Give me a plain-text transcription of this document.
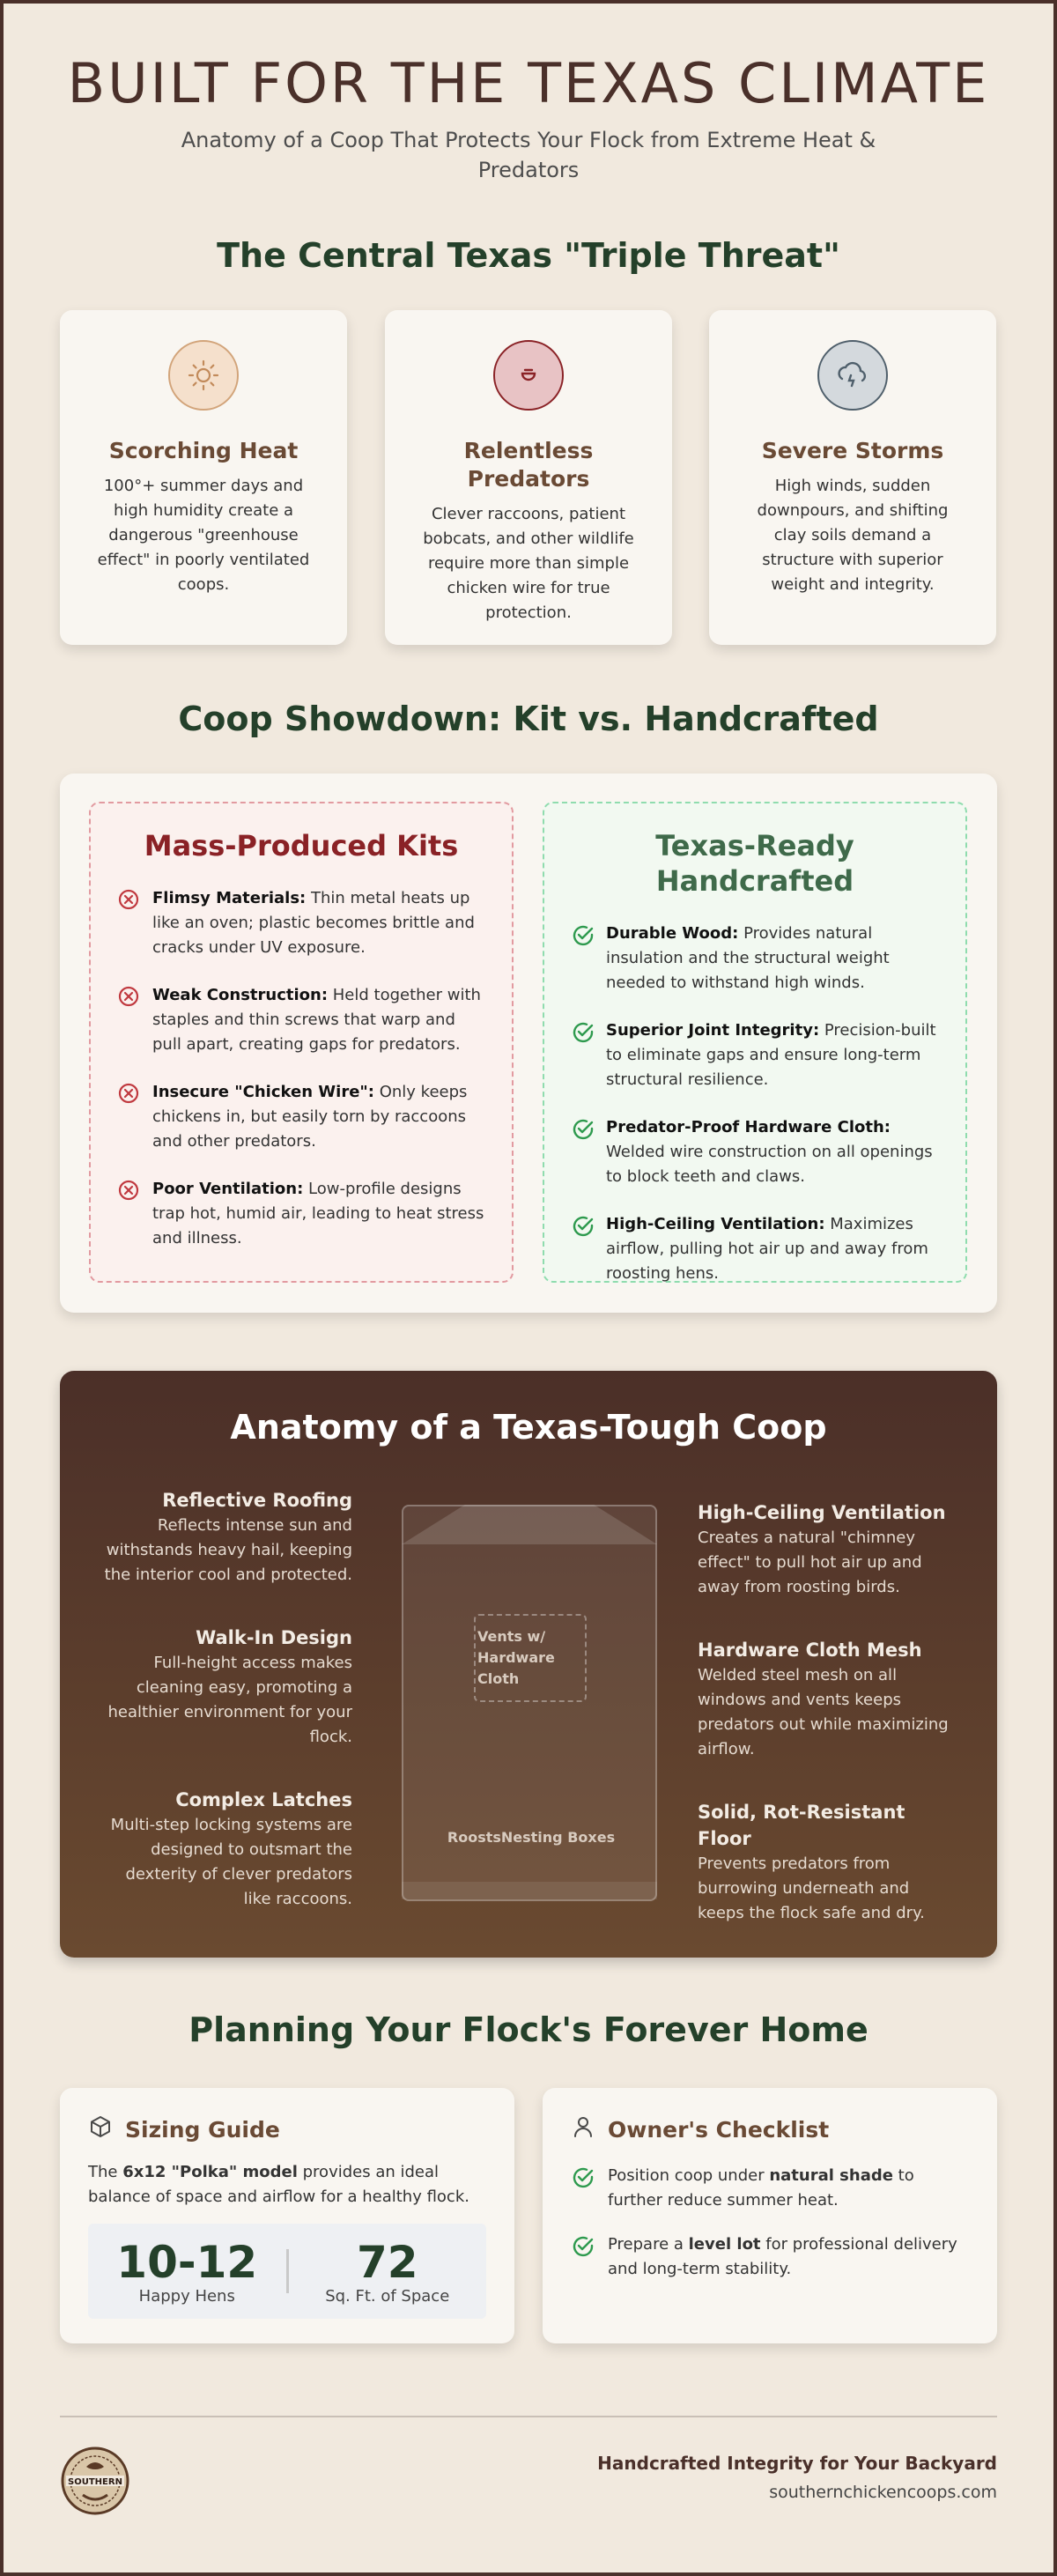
BUILT FOR THE TEXAS CLIMATE

Anatomy of a Coop That Protects Your Flock from Extreme Heat & Predators

The Central Texas "Triple Threat"
Scorching Heat
100°+ summer days and high humidity create a dangerous "greenhouse effect" in poorly ventilated coops.
Relentless Predators
Clever raccoons, patient bobcats, and other wildlife require more than simple chicken wire for true protection.
Severe Storms
High winds, sudden downpours, and shifting clay soils demand a structure with superior weight and integrity.
Coop Showdown: Kit vs. Handcrafted
Mass-Produced Kits
Flimsy Materials: Thin metal heats up like an oven; plastic becomes brittle and cracks under UV exposure.
Weak Construction: Held together with staples and thin screws that warp and pull apart, creating gaps for predators.
Insecure "Chicken Wire": Only keeps chickens in, but easily torn by raccoons and other predators.
Poor Ventilation: Low-profile designs trap hot, humid air, leading to heat stress and illness.
Texas-Ready Handcrafted
Durable Wood: Provides natural insulation and the structural weight needed to withstand high winds.
Superior Joint Integrity: Precision-built to eliminate gaps and ensure long-term structural resilience.
Predator-Proof Hardware Cloth: Welded wire construction on all openings to block teeth and claws.
High-Ceiling Ventilation: Maximizes airflow, pulling hot air up and away from roosting hens.
Anatomy of a Texas-Tough Coop
Reflective Roofing
Reflects intense sun and withstands heavy hail, keeping the interior cool and protected.
Walk-In Design
Full-height access makes cleaning easy, promoting a healthier environment for your flock.
Complex Latches
Multi-step locking systems are designed to outsmart the dexterity of clever predators like raccoons.
Vents w/ Hardware Cloth
RoostsNesting Boxes
High-Ceiling Ventilation
Creates a natural "chimney effect" to pull hot air up and away from roosting birds.
Hardware Cloth Mesh
Welded steel mesh on all windows and vents keeps predators out while maximizing airflow.
Solid, Rot-Resistant Floor
Prevents predators from burrowing underneath and keeps the flock safe and dry.
Planning Your Flock's Forever Home
Sizing Guide
The 6x12 "Polka" model provides an ideal balance of space and airflow for a healthy flock.
10-12
Happy Hens
72
Sq. Ft. of Space
Owner's Checklist
Position coop under natural shade to further reduce summer heat.
Prepare a level lot for professional delivery and long-term stability.
SOUTHERN
Handcrafted Integrity for Your Backyard
southernchickencoops.com
